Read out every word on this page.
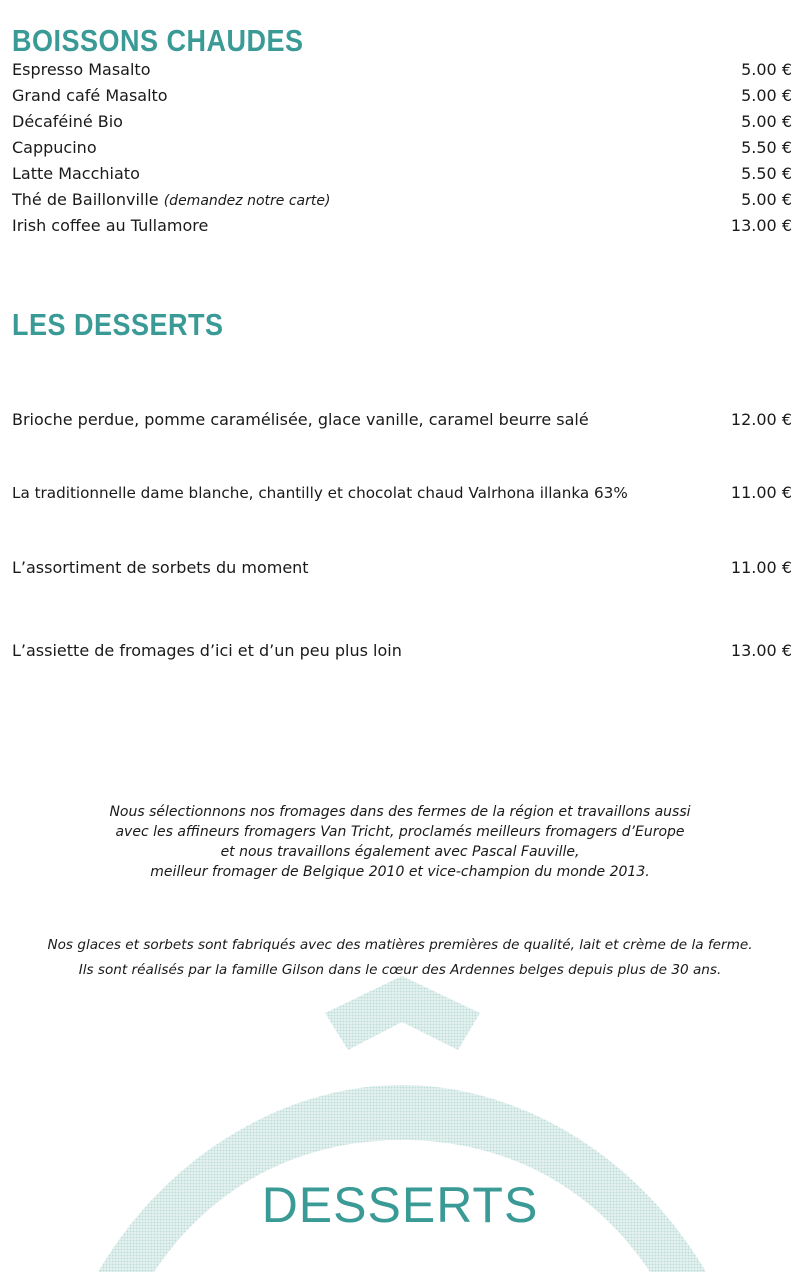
BOISSONS CHAUDES
Espresso Masalto	5.00 €
Grand café Masalto	5.00 €
Décaféiné Bio	5.00 €
Cappucino	5.50 €
Latte Macchiato	5.50 €
Thé de Baillonville (demandez notre carte)	5.00 €
Irish coffee au Tullamore	13.00 €
LES DESSERTS
Brioche perdue, pomme caramélisée, glace vanille, caramel beurre salé	12.00 €
La traditionnelle dame blanche, chantilly et chocolat chaud Valrhona illanka 63%	11.00 €
L’assortiment de sorbets du moment	11.00 €
L’assiette de fromages d’ici et d’un peu plus loin	13.00 €

Nous sélectionnons nos fromages dans des fermes de la région et travaillons aussi
avec les affineurs fromagers Van Tricht, proclamés meilleurs fromagers d’Europe
et nous travaillons également avec Pascal Fauville,
meilleur fromager de Belgique 2010 et vice-champion du monde 2013.

Nos glaces et sorbets sont fabriqués avec des matières premières de qualité, lait et crème de la ferme.
Ils sont réalisés par la famille Gilson dans le cœur des Ardennes belges depuis plus de 30 ans.

DESSERTS
